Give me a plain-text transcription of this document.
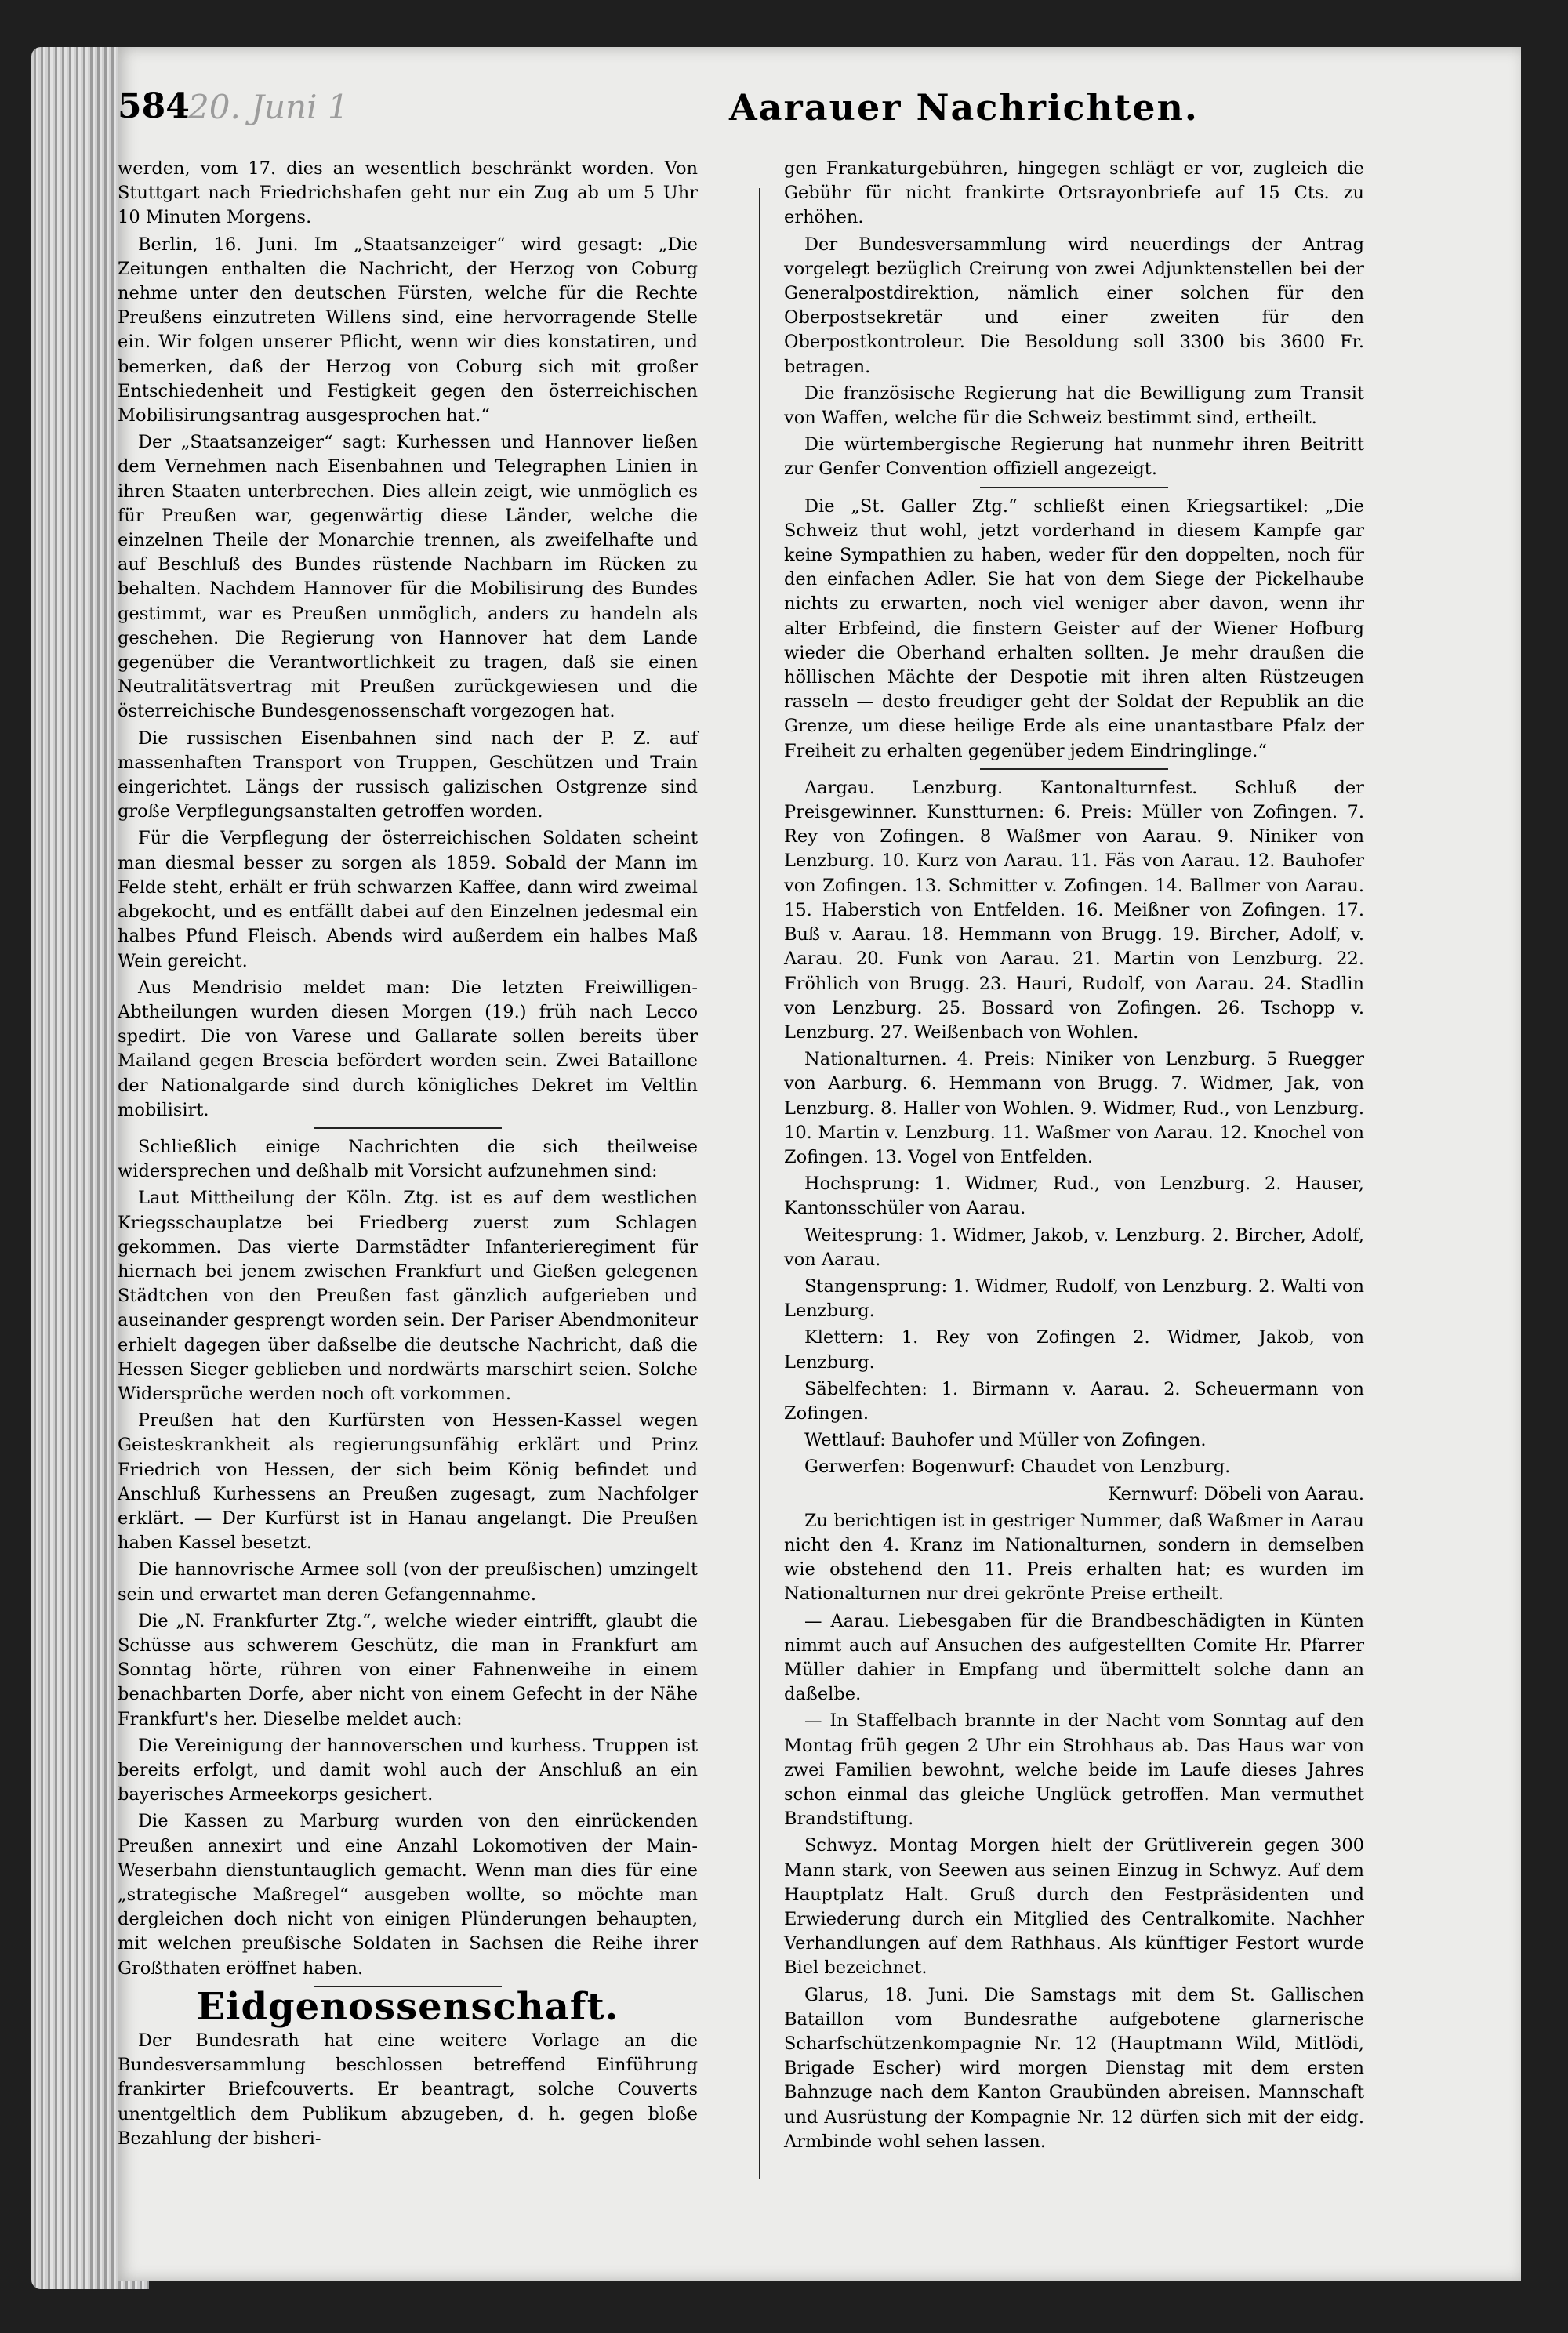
584
20. Juni 1	Aarauer Nachrichten.

werden, vom 17. dies an wesentlich beschränkt worden. Von Stuttgart nach Friedrichshafen geht nur ein Zug ab um 5 Uhr 10 Minuten Morgens.

Berlin, 16. Juni. Im „Staatsanzeiger“ wird gesagt: „Die Zeitungen enthalten die Nachricht, der Herzog von Coburg nehme unter den deutschen Fürsten, welche für die Rechte Preußens einzutreten Willens sind, eine hervorragende Stelle ein. Wir folgen unserer Pflicht, wenn wir dies konstatiren, und bemerken, daß der Herzog von Coburg sich mit großer Entschiedenheit und Festigkeit gegen den österreichischen Mobilisirungsantrag ausgesprochen hat.“

Der „Staatsanzeiger“ sagt: Kurhessen und Hannover ließen dem Vernehmen nach Eisenbahnen und Telegraphen Linien in ihren Staaten unterbrechen. Dies allein zeigt, wie unmöglich es für Preußen war, gegenwärtig diese Länder, welche die einzelnen Theile der Monarchie trennen, als zweifelhafte und auf Beschluß des Bundes rüstende Nachbarn im Rücken zu behalten. Nachdem Hannover für die Mobilisirung des Bundes gestimmt, war es Preußen unmöglich, anders zu handeln als geschehen. Die Regierung von Hannover hat dem Lande gegenüber die Verantwortlichkeit zu tragen, daß sie einen Neutralitätsvertrag mit Preußen zurückgewiesen und die österreichische Bundesgenossenschaft vorgezogen hat.

Die russischen Eisenbahnen sind nach der P. Z. auf massenhaften Transport von Truppen, Geschützen und Train eingerichtet. Längs der russisch galizischen Ostgrenze sind große Verpflegungsanstalten getroffen worden.

Für die Verpflegung der österreichischen Soldaten scheint man diesmal besser zu sorgen als 1859. Sobald der Mann im Felde steht, erhält er früh schwarzen Kaffee, dann wird zweimal abgekocht, und es entfällt dabei auf den Einzelnen jedesmal ein halbes Pfund Fleisch. Abends wird außerdem ein halbes Maß Wein gereicht.

Aus Mendrisio meldet man: Die letzten Freiwilligen-Abtheilungen wurden diesen Morgen (19.) früh nach Lecco spedirt. Die von Varese und Gallarate sollen bereits über Mailand gegen Brescia befördert worden sein. Zwei Bataillone der Nationalgarde sind durch königliches Dekret im Veltlin mobilisirt.

Schließlich einige Nachrichten die sich theilweise widersprechen und deßhalb mit Vorsicht aufzunehmen sind:

Laut Mittheilung der Köln. Ztg. ist es auf dem westlichen Kriegsschauplatze bei Friedberg zuerst zum Schlagen gekommen. Das vierte Darmstädter Infanterieregiment für hiernach bei jenem zwischen Frankfurt und Gießen gelegenen Städtchen von den Preußen fast gänzlich aufgerieben und auseinander gesprengt worden sein. Der Pariser Abendmoniteur erhielt dagegen über daßselbe die deutsche Nachricht, daß die Hessen Sieger geblieben und nordwärts marschirt seien. Solche Widersprüche werden noch oft vorkommen.

Preußen hat den Kurfürsten von Hessen-Kassel wegen Geisteskrankheit als regierungsunfähig erklärt und Prinz Friedrich von Hessen, der sich beim König befindet und Anschluß Kurhessens an Preußen zugesagt, zum Nachfolger erklärt. — Der Kurfürst ist in Hanau angelangt. Die Preußen haben Kassel besetzt.

Die hannovrische Armee soll (von der preußischen) umzingelt sein und erwartet man deren Gefangennahme.

Die „N. Frankfurter Ztg.“, welche wieder eintrifft, glaubt die Schüsse aus schwerem Geschütz, die man in Frankfurt am Sonntag hörte, rühren von einer Fahnenweihe in einem benachbarten Dorfe, aber nicht von einem Gefecht in der Nähe Frankfurt's her. Dieselbe meldet auch:

Die Vereinigung der hannoverschen und kurhess. Truppen ist bereits erfolgt, und damit wohl auch der Anschluß an ein bayerisches Armeekorps gesichert.

Die Kassen zu Marburg wurden von den einrückenden Preußen annexirt und eine Anzahl Lokomotiven der Main-Weserbahn dienstuntauglich gemacht. Wenn man dies für eine „strategische Maßregel“ ausgeben wollte, so möchte man dergleichen doch nicht von einigen Plünderungen behaupten, mit welchen preußische Soldaten in Sachsen die Reihe ihrer Großthaten eröffnet haben.

Eidgenossenschaft.

Der Bundesrath hat eine weitere Vorlage an die Bundesversammlung beschlossen betreffend Einführung frankirter Briefcouverts. Er beantragt, solche Couverts unentgeltlich dem Publikum abzugeben, d. h. gegen bloße Bezahlung der bisheri-

gen Frankaturgebühren, hingegen schlägt er vor, zugleich die Gebühr für nicht frankirte Ortsrayonbriefe auf 15 Cts. zu erhöhen.

Der Bundesversammlung wird neuerdings der Antrag vorgelegt bezüglich Creirung von zwei Adjunktenstellen bei der Generalpostdirektion, nämlich einer solchen für den Oberpostsekretär und einer zweiten für den Oberpostkontroleur. Die Besoldung soll 3300 bis 3600 Fr. betragen.

Die französische Regierung hat die Bewilligung zum Transit von Waffen, welche für die Schweiz bestimmt sind, ertheilt.

Die würtembergische Regierung hat nunmehr ihren Beitritt zur Genfer Convention offiziell angezeigt.

Die „St. Galler Ztg.“ schließt einen Kriegsartikel: „Die Schweiz thut wohl, jetzt vorderhand in diesem Kampfe gar keine Sympathien zu haben, weder für den doppelten, noch für den einfachen Adler. Sie hat von dem Siege der Pickelhaube nichts zu erwarten, noch viel weniger aber davon, wenn ihr alter Erbfeind, die finstern Geister auf der Wiener Hofburg wieder die Oberhand erhalten sollten. Je mehr draußen die höllischen Mächte der Despotie mit ihren alten Rüstzeugen rasseln — desto freudiger geht der Soldat der Republik an die Grenze, um diese heilige Erde als eine unantastbare Pfalz der Freiheit zu erhalten gegenüber jedem Eindringlinge.“

Aargau. Lenzburg. Kantonalturnfest. Schluß der Preisgewinner. Kunstturnen: 6. Preis: Müller von Zofingen. 7. Rey von Zofingen. 8 Waßmer von Aarau. 9. Niniker von Lenzburg. 10. Kurz von Aarau. 11. Fäs von Aarau. 12. Bauhofer von Zofingen. 13. Schmitter v. Zofingen. 14. Ballmer von Aarau. 15. Haberstich von Entfelden. 16. Meißner von Zofingen. 17. Buß v. Aarau. 18. Hemmann von Brugg. 19. Bircher, Adolf, v. Aarau. 20. Funk von Aarau. 21. Martin von Lenzburg. 22. Fröhlich von Brugg. 23. Hauri, Rudolf, von Aarau. 24. Stadlin von Lenzburg. 25. Bossard von Zofingen. 26. Tschopp v. Lenzburg. 27. Weißenbach von Wohlen.

Nationalturnen. 4. Preis: Niniker von Lenzburg. 5 Ruegger von Aarburg. 6. Hemmann von Brugg. 7. Widmer, Jak, von Lenzburg. 8. Haller von Wohlen. 9. Widmer, Rud., von Lenzburg. 10. Martin v. Lenzburg. 11. Waßmer von Aarau. 12. Knochel von Zofingen. 13. Vogel von Entfelden.

Hochsprung: 1. Widmer, Rud., von Lenzburg. 2. Hauser, Kantonsschüler von Aarau.

Weitesprung: 1. Widmer, Jakob, v. Lenzburg. 2. Bircher, Adolf, von Aarau.

Stangensprung: 1. Widmer, Rudolf, von Lenzburg. 2. Walti von Lenzburg.

Klettern: 1. Rey von Zofingen 2. Widmer, Jakob, von Lenzburg.

Säbelfechten: 1. Birmann v. Aarau. 2. Scheuermann von Zofingen.

Wettlauf: Bauhofer und Müller von Zofingen.

Gerwerfen: Bogenwurf: Chaudet von Lenzburg.

Kernwurf: Döbeli von Aarau.

Zu berichtigen ist in gestriger Nummer, daß Waßmer in Aarau nicht den 4. Kranz im Nationalturnen, sondern in demselben wie obstehend den 11. Preis erhalten hat; es wurden im Nationalturnen nur drei gekrönte Preise ertheilt.

— Aarau. Liebesgaben für die Brandbeschädigten in Künten nimmt auch auf Ansuchen des aufgestellten Comite Hr. Pfarrer Müller dahier in Empfang und übermittelt solche dann an daßelbe.

— In Staffelbach brannte in der Nacht vom Sonntag auf den Montag früh gegen 2 Uhr ein Strohhaus ab. Das Haus war von zwei Familien bewohnt, welche beide im Laufe dieses Jahres schon einmal das gleiche Unglück getroffen. Man vermuthet Brandstiftung.

Schwyz. Montag Morgen hielt der Grütliverein gegen 300 Mann stark, von Seewen aus seinen Einzug in Schwyz. Auf dem Hauptplatz Halt. Gruß durch den Festpräsidenten und Erwiederung durch ein Mitglied des Centralkomite. Nachher Verhandlungen auf dem Rathhaus. Als künftiger Festort wurde Biel bezeichnet.

Glarus, 18. Juni. Die Samstags mit dem St. Gallischen Bataillon vom Bundesrathe aufgebotene glarnerische Scharfschützenkompagnie Nr. 12 (Hauptmann Wild, Mitlödi, Brigade Escher) wird morgen Dienstag mit dem ersten Bahnzuge nach dem Kanton Graubünden abreisen. Mannschaft und Ausrüstung der Kompagnie Nr. 12 dürfen sich mit der eidg. Armbinde wohl sehen lassen.
